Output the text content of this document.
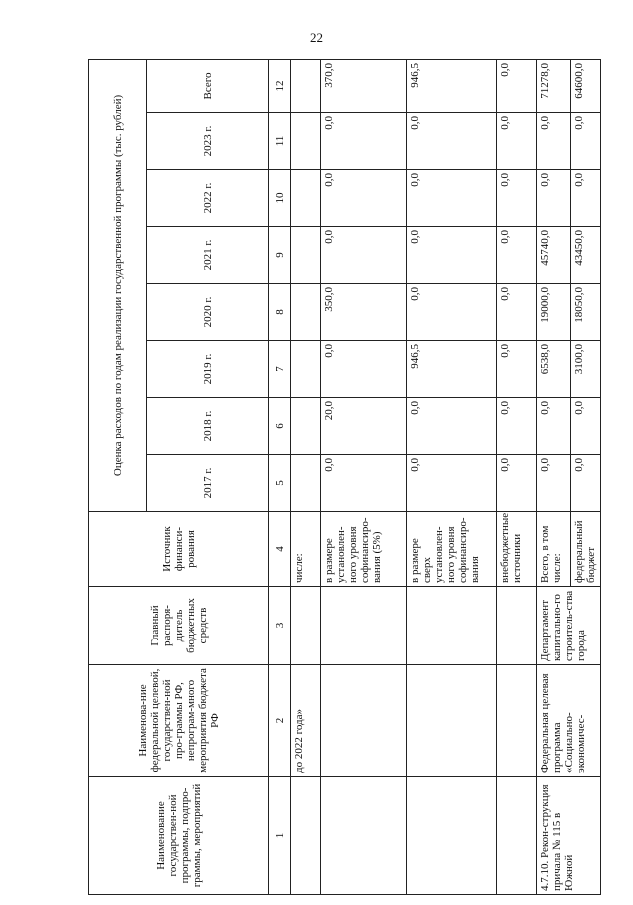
22
Наименование государствен-ной программы, подпро-граммы, мероприятий	Наименова-ние федеральной целевой, государствен-ной про-граммы РФ, непрограм-много мероприятия бюджета РФ	Главный распоря-дитель бюджетных средств	Источник финанси-рования	Оценка расходов по годам реализации государственной программы (тыс. рублей)							
				2017 г.	2018 г.	2019 г.	2020 г.	2021 г.	2022 г.	2023 г.	Всего
1	2	3	4	5	6	7	8	9	10	11	12
	до 2022 года»		числе:								
			в размере установлен-ного уровня софинансиро-вания (5%)	0,0	20,0	0,0	350,0	0,0	0,0	0,0	370,0
			в размере сверх установлен-ного уровня софинансиро-вания	0,0	0,0	946,5	0,0	0,0	0,0	0,0	946,5
			внебюджетные источники	0,0	0,0	0,0	0,0	0,0	0,0	0,0	0,0
4.7.10. Рекон-струкция причала № 115 в Южной	Федеральная целевая программа «Социально-экономичес-	Департамент капитально-го строитель-ства города	Всего, в том числе:	0,0	0,0	6538,0	19000,0	45740,0	0,0	0,0	71278,0
			федеральный бюджет	0,0	0,0	3100,0	18050,0	43450,0	0,0	0,0	64600,0
